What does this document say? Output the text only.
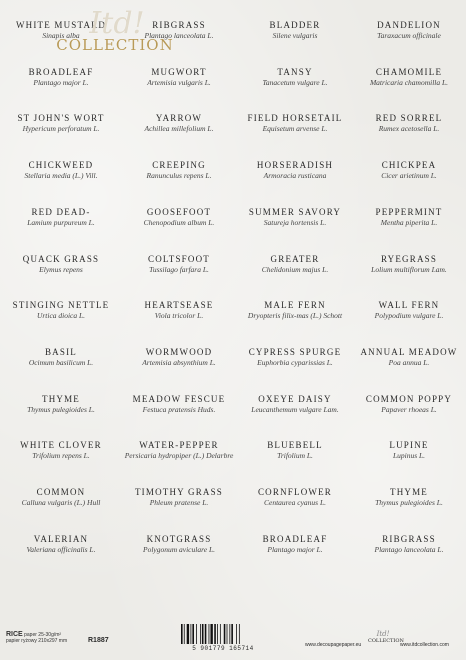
WHITE MUSTARD
Sinapis alba
RIBGRASS
Plantago lanceolata L.
BLADDER
Silene vulgaris
DANDELION
Taraxacum officinale
BROADLEAF
Plantago major L.
MUGWORT
Artemisia vulgaris L.
TANSY
Tanacetum vulgare L.
CHAMOMILE
Matricaria chamomilla L.
ST JOHN'S WORT
Hypericum perforatum L.
YARROW
Achillea millefolium L.
FIELD HORSETAIL
Equisetum arvense L.
RED SORREL
Rumex acetosella L.
CHICKWEED
Stellaria media (L.) Vill.
CREEPING
Ranunculus repens L.
HORSERADISH
Armoracia rusticana
CHICKPEA
Cicer arietinum L.
RED DEAD-
Lamium purpureum L.
GOOSEFOOT
Chenopodium album L.
SUMMER SAVORY
Satureja hortensis L.
PEPPERMINT
Mentha piperita L.
QUACK GRASS
Elymus repens
COLTSFOOT
Tussilago farfara L.
GREATER
Chelidonium majus L.
RYEGRASS
Lolium multiflorum Lam.
STINGING NETTLE
Urtica dioica L.
HEARTSEASE
Viola tricolor L.
MALE FERN
Dryopteris filix-mas (L.) Schott
WALL FERN
Polypodium vulgare L.
BASIL
Ocimum basilicum L.
WORMWOOD
Artemisia absynthium L.
CYPRESS SPURGE
Euphorbia cyparissias L.
ANNUAL MEADOW
Poa annua L.
THYME
Thymus pulegioides L.
MEADOW FESCUE
Festuca pratensis Huds.
OXEYE DAISY
Leucanthemum vulgare Lam.
COMMON POPPY
Papaver rhoeas L.
WHITE CLOVER
Trifolium repens L.
WATER-PEPPER
Persicaria hydropiper (L.) Delarbre
BLUEBELL
Trifolium L.
LUPINE
Lupinus L.
COMMON
Calluna vulgaris (L.) Hull
TIMOTHY GRASS
Phleum pratense L.
CORNFLOWER
Centaurea cyanus L.
THYME
Thymus pulegioides L.
VALERIAN
Valeriana officinalis L.
KNOTGRASS
Polygonum aviculare L.
BROADLEAF
Plantago major L.
RIBGRASS
Plantago lanceolata L.
Itd!
COLLECTION
RICE paper 25-30g/m²
papier ryżowy 210x297 mm	R1887
5 901779 165714	www.decoupagepaper.eu
Itd!
COLLECTION
www.itdcollection.com
